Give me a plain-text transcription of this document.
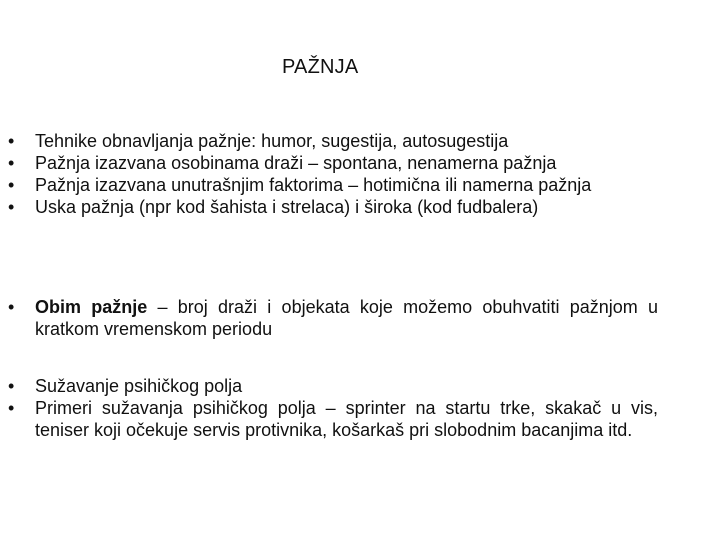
PAŽNJA
•	Tehnike obnavljanja pažnje: humor, sugestija, autosugestija
•	Pažnja izazvana osobinama draži – spontana, nenamerna pažnja
•	Pažnja izazvana unutrašnjim faktorima – hotimična ili namerna pažnja
•	Uska pažnja (npr kod šahista i strelaca) i široka (kod fudbalera)
•	Obim pažnje – broj draži i objekata koje možemo obuhvatiti pažnjom u kratkom vremenskom periodu
•	Sužavanje psihičkog polja
•	Primeri sužavanja psihičkog polja – sprinter na startu trke, skakač u vis, teniser koji očekuje servis protivnika, košarkaš pri slobodnim bacanjima itd.
